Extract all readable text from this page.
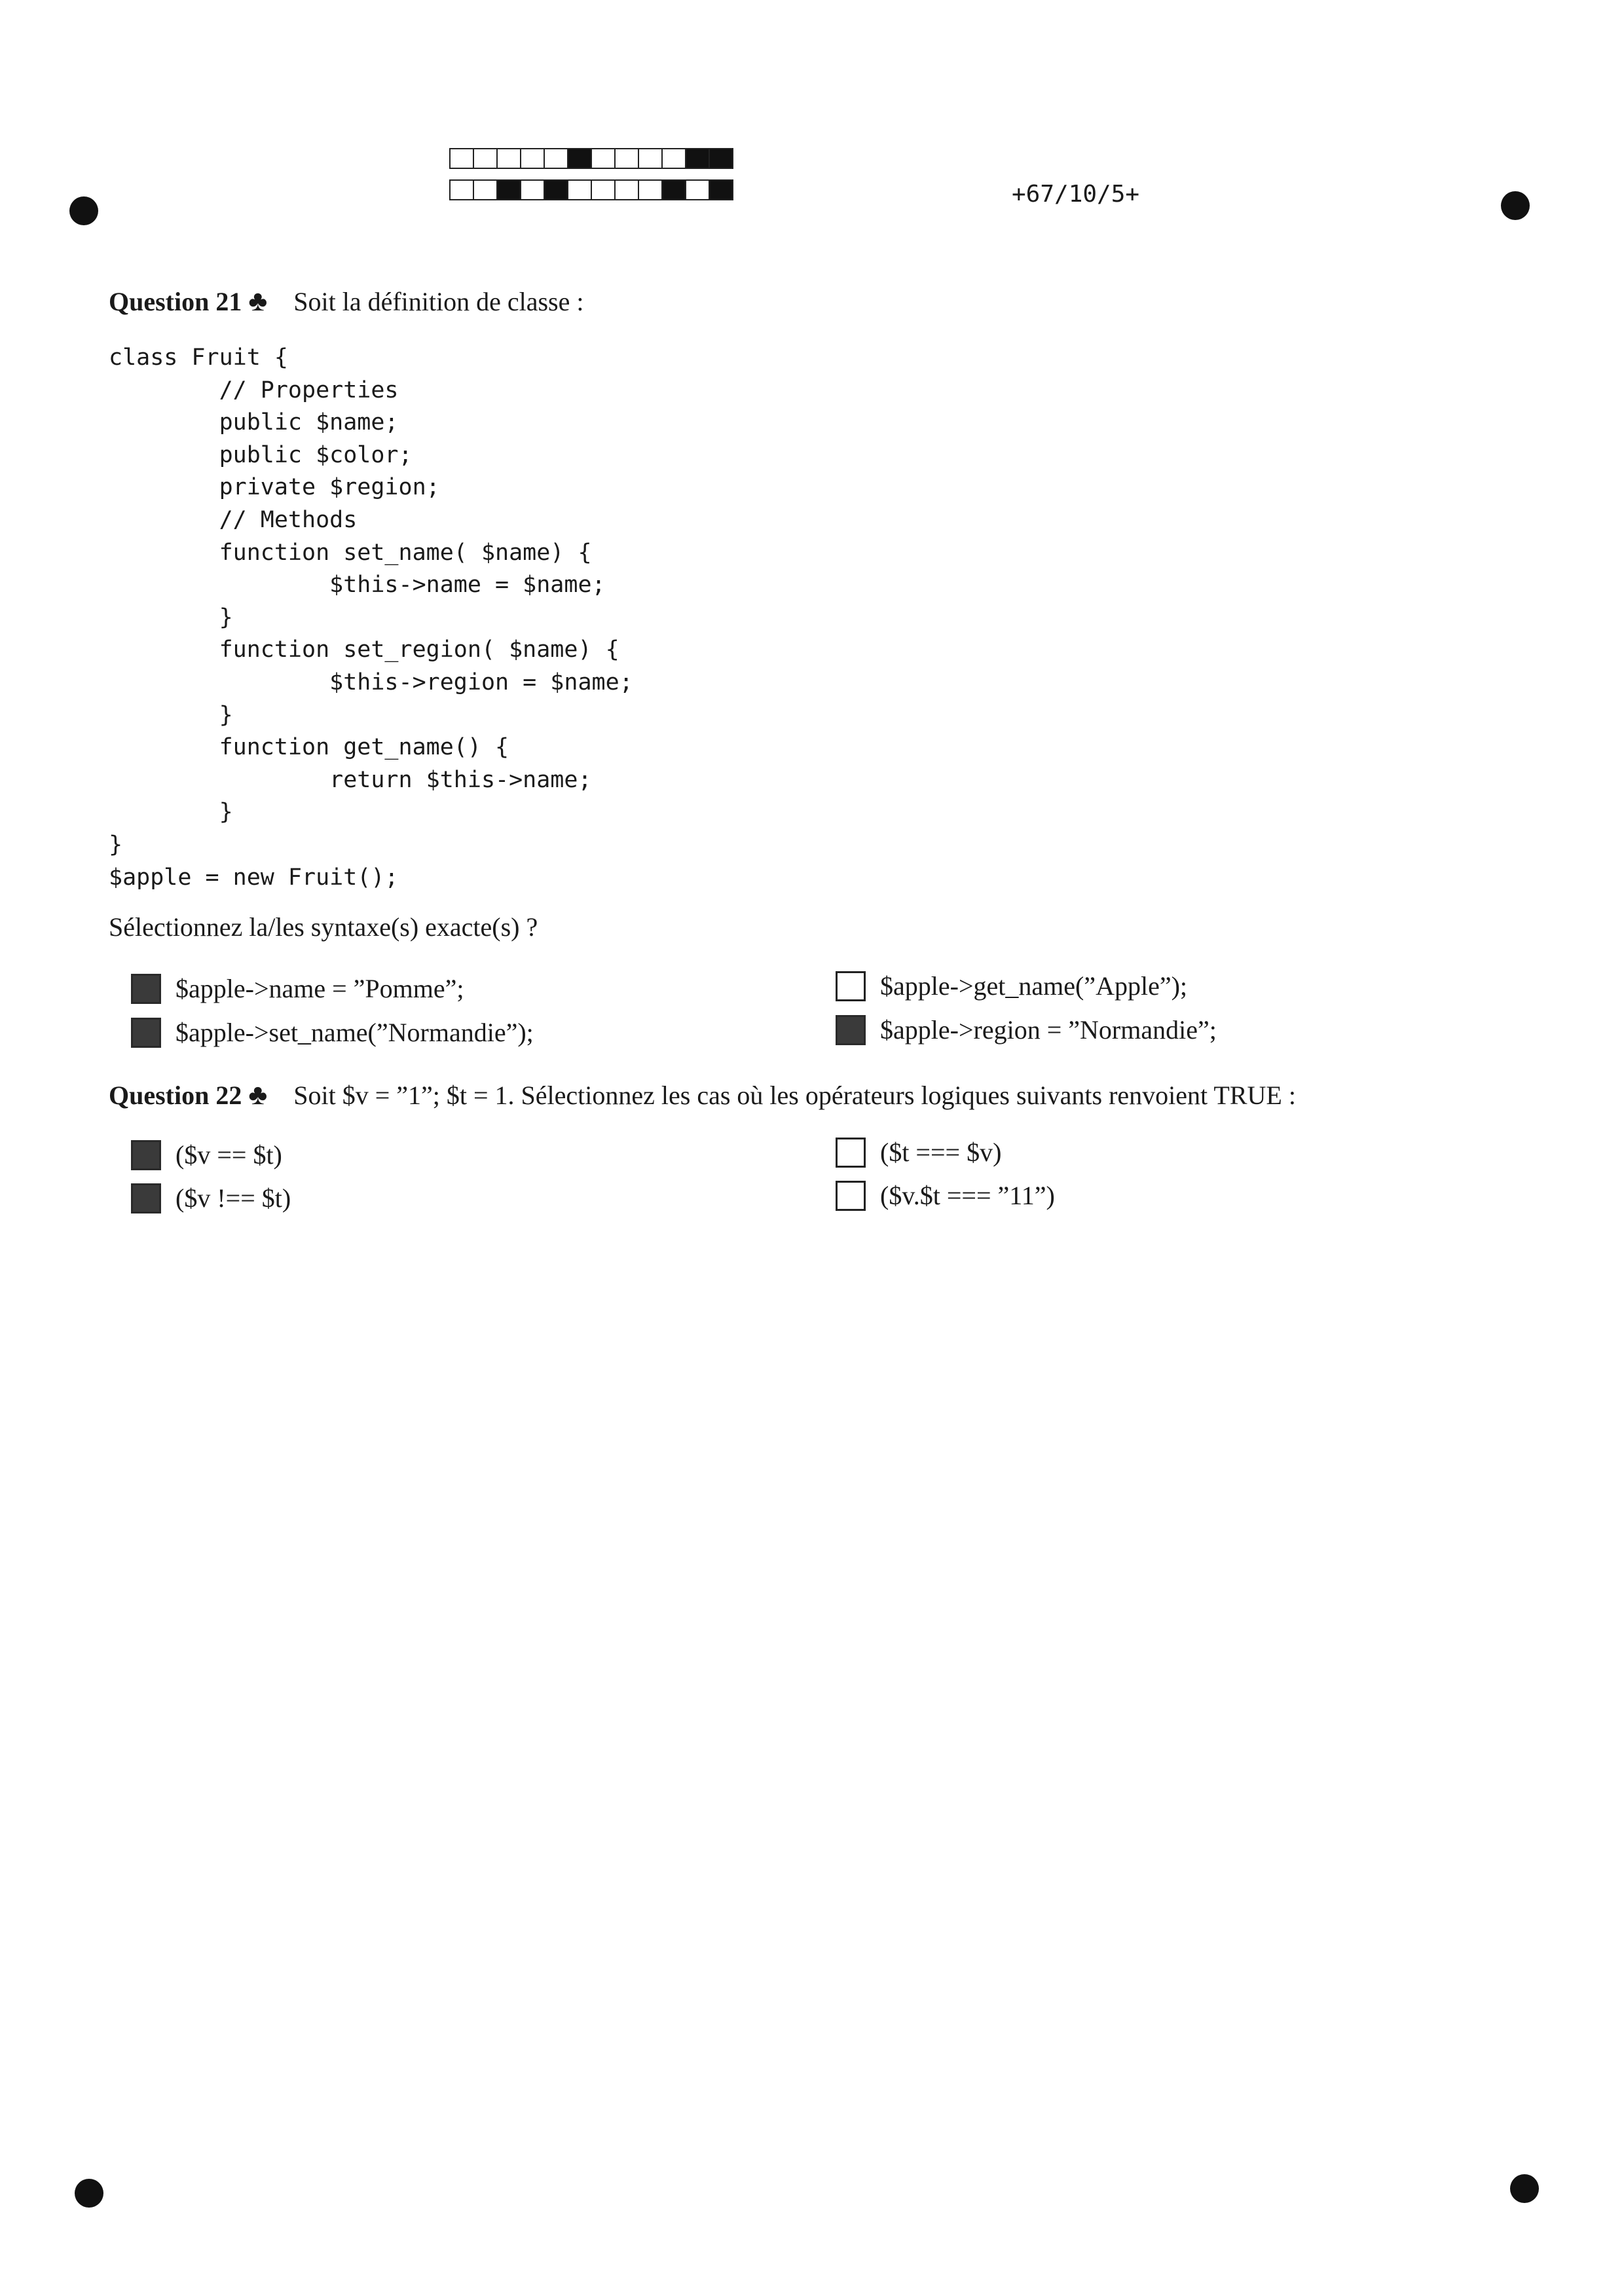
+67/10/5+
Question 21 ♣ Soit la définition de classe :
class Fruit {
// Properties
public $name;
public $color;
private $region;
// Methods
function set_name( $name) {
$this->name = $name;
}
function set_region( $name) {
$this->region = $name;
}
function get_name() {
return $this->name;
}
}
$apple = new Fruit();
Sélectionnez la/les syntaxe(s) exacte(s) ?
$apple->name = ”Pomme”;
$apple->set_name(”Normandie”);
$apple->get_name(”Apple”);
$apple->region = ”Normandie”;
Question 22 ♣ Soit $v = ”1”; $t = 1. Sélectionnez les cas où les opérateurs logiques suivants renvoient TRUE :
($v == $t)
($v !== $t)
($t === $v)
($v.$t === ”11”)
